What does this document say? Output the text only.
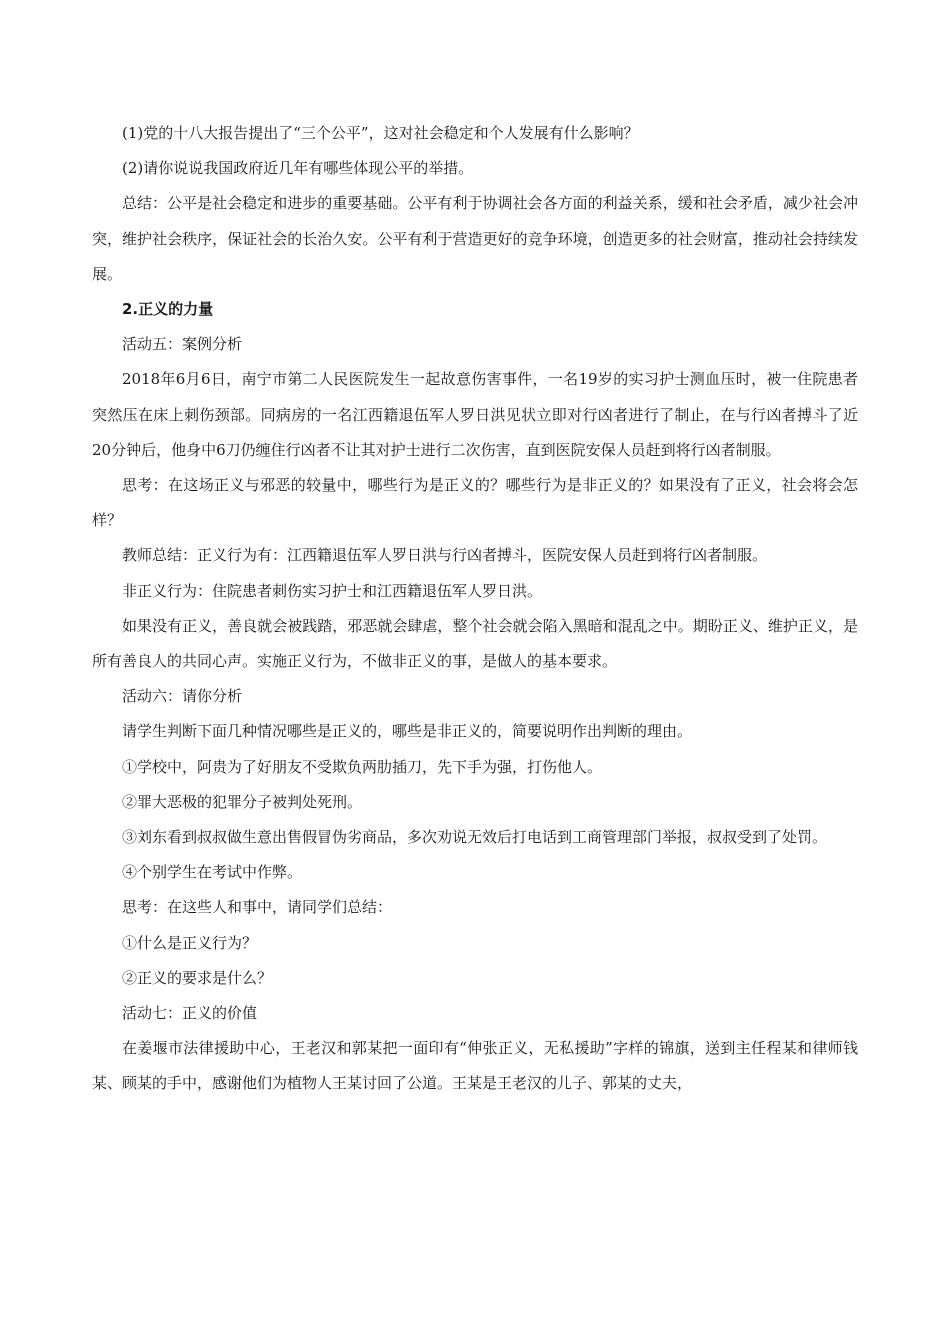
(1)党的十八大报告提出了“三个公平”，这对社会稳定和个人发展有什么影响？

(2)请你说说我国政府近几年有哪些体现公平的举措。

总结：公平是社会稳定和进步的重要基础。公平有利于协调社会各方面的利益关系，缓和社会矛盾，减少社会冲突，维护社会秩序，保证社会的长治久安。公平有利于营造更好的竞争环境，创造更多的社会财富，推动社会持续发展。

2.正义的力量

活动五：案例分析

2018年6月6日，南宁市第二人民医院发生一起故意伤害事件，一名19岁的实习护士测血压时，被一住院患者突然压在床上刺伤颈部。同病房的一名江西籍退伍军人罗日洪见状立即对行凶者进行了制止，在与行凶者搏斗了近20分钟后，他身中6刀仍缠住行凶者不让其对护士进行二次伤害，直到医院安保人员赶到将行凶者制服。

思考：在这场正义与邪恶的较量中，哪些行为是正义的？哪些行为是非正义的？如果没有了正义，社会将会怎样？

教师总结：正义行为有：江西籍退伍军人罗日洪与行凶者搏斗，医院安保人员赶到将行凶者制服。

非正义行为：住院患者刺伤实习护士和江西籍退伍军人罗日洪。

如果没有正义，善良就会被践踏，邪恶就会肆虐，整个社会就会陷入黑暗和混乱之中。期盼正义、维护正义，是所有善良人的共同心声。实施正义行为，不做非正义的事，是做人的基本要求。

活动六：请你分析

请学生判断下面几种情况哪些是正义的，哪些是非正义的，简要说明作出判断的理由。

①学校中，阿贵为了好朋友不受欺负两肋插刀，先下手为强，打伤他人。

②罪大恶极的犯罪分子被判处死刑。

③刘东看到叔叔做生意出售假冒伪劣商品，多次劝说无效后打电话到工商管理部门举报，叔叔受到了处罚。

④个别学生在考试中作弊。

思考：在这些人和事中，请同学们总结：

①什么是正义行为？

②正义的要求是什么？

活动七：正义的价值

在姜堰市法律援助中心，王老汉和郭某把一面印有“伸张正义，无私援助”字样的锦旗，送到主任程某和律师钱某、顾某的手中，感谢他们为植物人王某讨回了公道。王某是王老汉的儿子、郭某的丈夫，
